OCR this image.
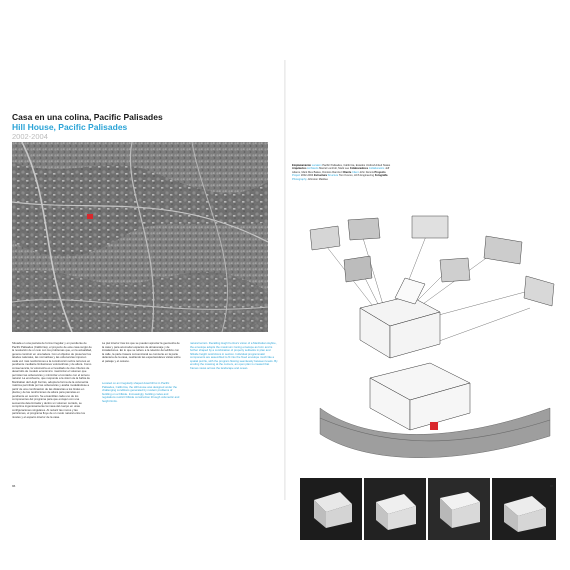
Casa en una colina, Pacific Palisades
Hill House, Pacific Palisades
2002-2004
Situada en una parcela de forma irregular y en pendiente de Pacific Palisades (California), el proyecto de este casa surgió de la resolución de un reto con los problemas que, en la actualidad, genera construir en una ladera. Con el objetivo de preservar los taludes naturales, las normativas y las ordenanzas imponen cada vez más restricciones a la construcción sobre terrenos en pendiente mediante limitaciones volumétricas y de altura. Como consecuencia, la volumetría es el resultado de dos criterios de desarrollo de modelo económico: maximizar el volumen que permiten las ordenanzas y minimizar el contacto con el terreno natural. La envolvente, que responde a la visión de la bahía de Manhattan del Hugh Ferriss, adopta la forma de la volumetría máxima permitida por las ordenanzas y acaba modelándose a partir de una combinación de las distancias a los lindes en planta y de las restricciones de altura para parcelas en pendiente en sección. Se ensamblan cada uno de los componentes del programa para que encajen con una secuencia determinada y dentro un volumen cerrado, se comprime ingeniosamente la masa del cuerpo en unas configuraciones singulares. Al reducir las muros y las particiones, el programa fluye de un modo natural entre los niveles y el espacio interior de la casa.
La piel interior tras los que se pueden apreciar la geometría de la casa y para acomodar espacios de almacenaje y de instalaciones. En lo que se refiere a la relación del edificio con la calle, la parte trasera convencional se convierte en la parte delantera de la casa, realzando las espectaculares vistas sobre el paisaje y el océano.
Located on an irregularly shaped downhill lot in Pacific Palisades, California, the Hill House was designed under the challenging conditions generated by modern problems of building on a hillside. Increasingly, building codes and regulations restrict hillside construction through volumetric and height limits.
natural terrain. Recalling Hugh Ferriss's vision of a Manhattan skyline, the envelope adopts the maximum zoning envelope as form and is further shaped by a combination of property setbacks in plan and hillside height restrictions in section. Individual programmatic components are assembled to fit into the fixed envelope much like a spatial puzzle, with the program flowing seamlessly between levels. By eroding the massing at the corners, an open plan is created that frames views across the landscape and ocean.
Emplazamiento Location Pacific Palisades, California, Estados Unidos/United States Arquitectos Architects Marcel Lomholt, Mark Lee Colaboradores Collaborators Jeff Adams, Mark Mes Bakes, Dionisio Ramirez Cliente Client John Dennis Proyecto Project 2002-2004 Estructura Structure Tom Kosmo, HCS Engineering Fotografía Photography Johnston Marklee
96	97
